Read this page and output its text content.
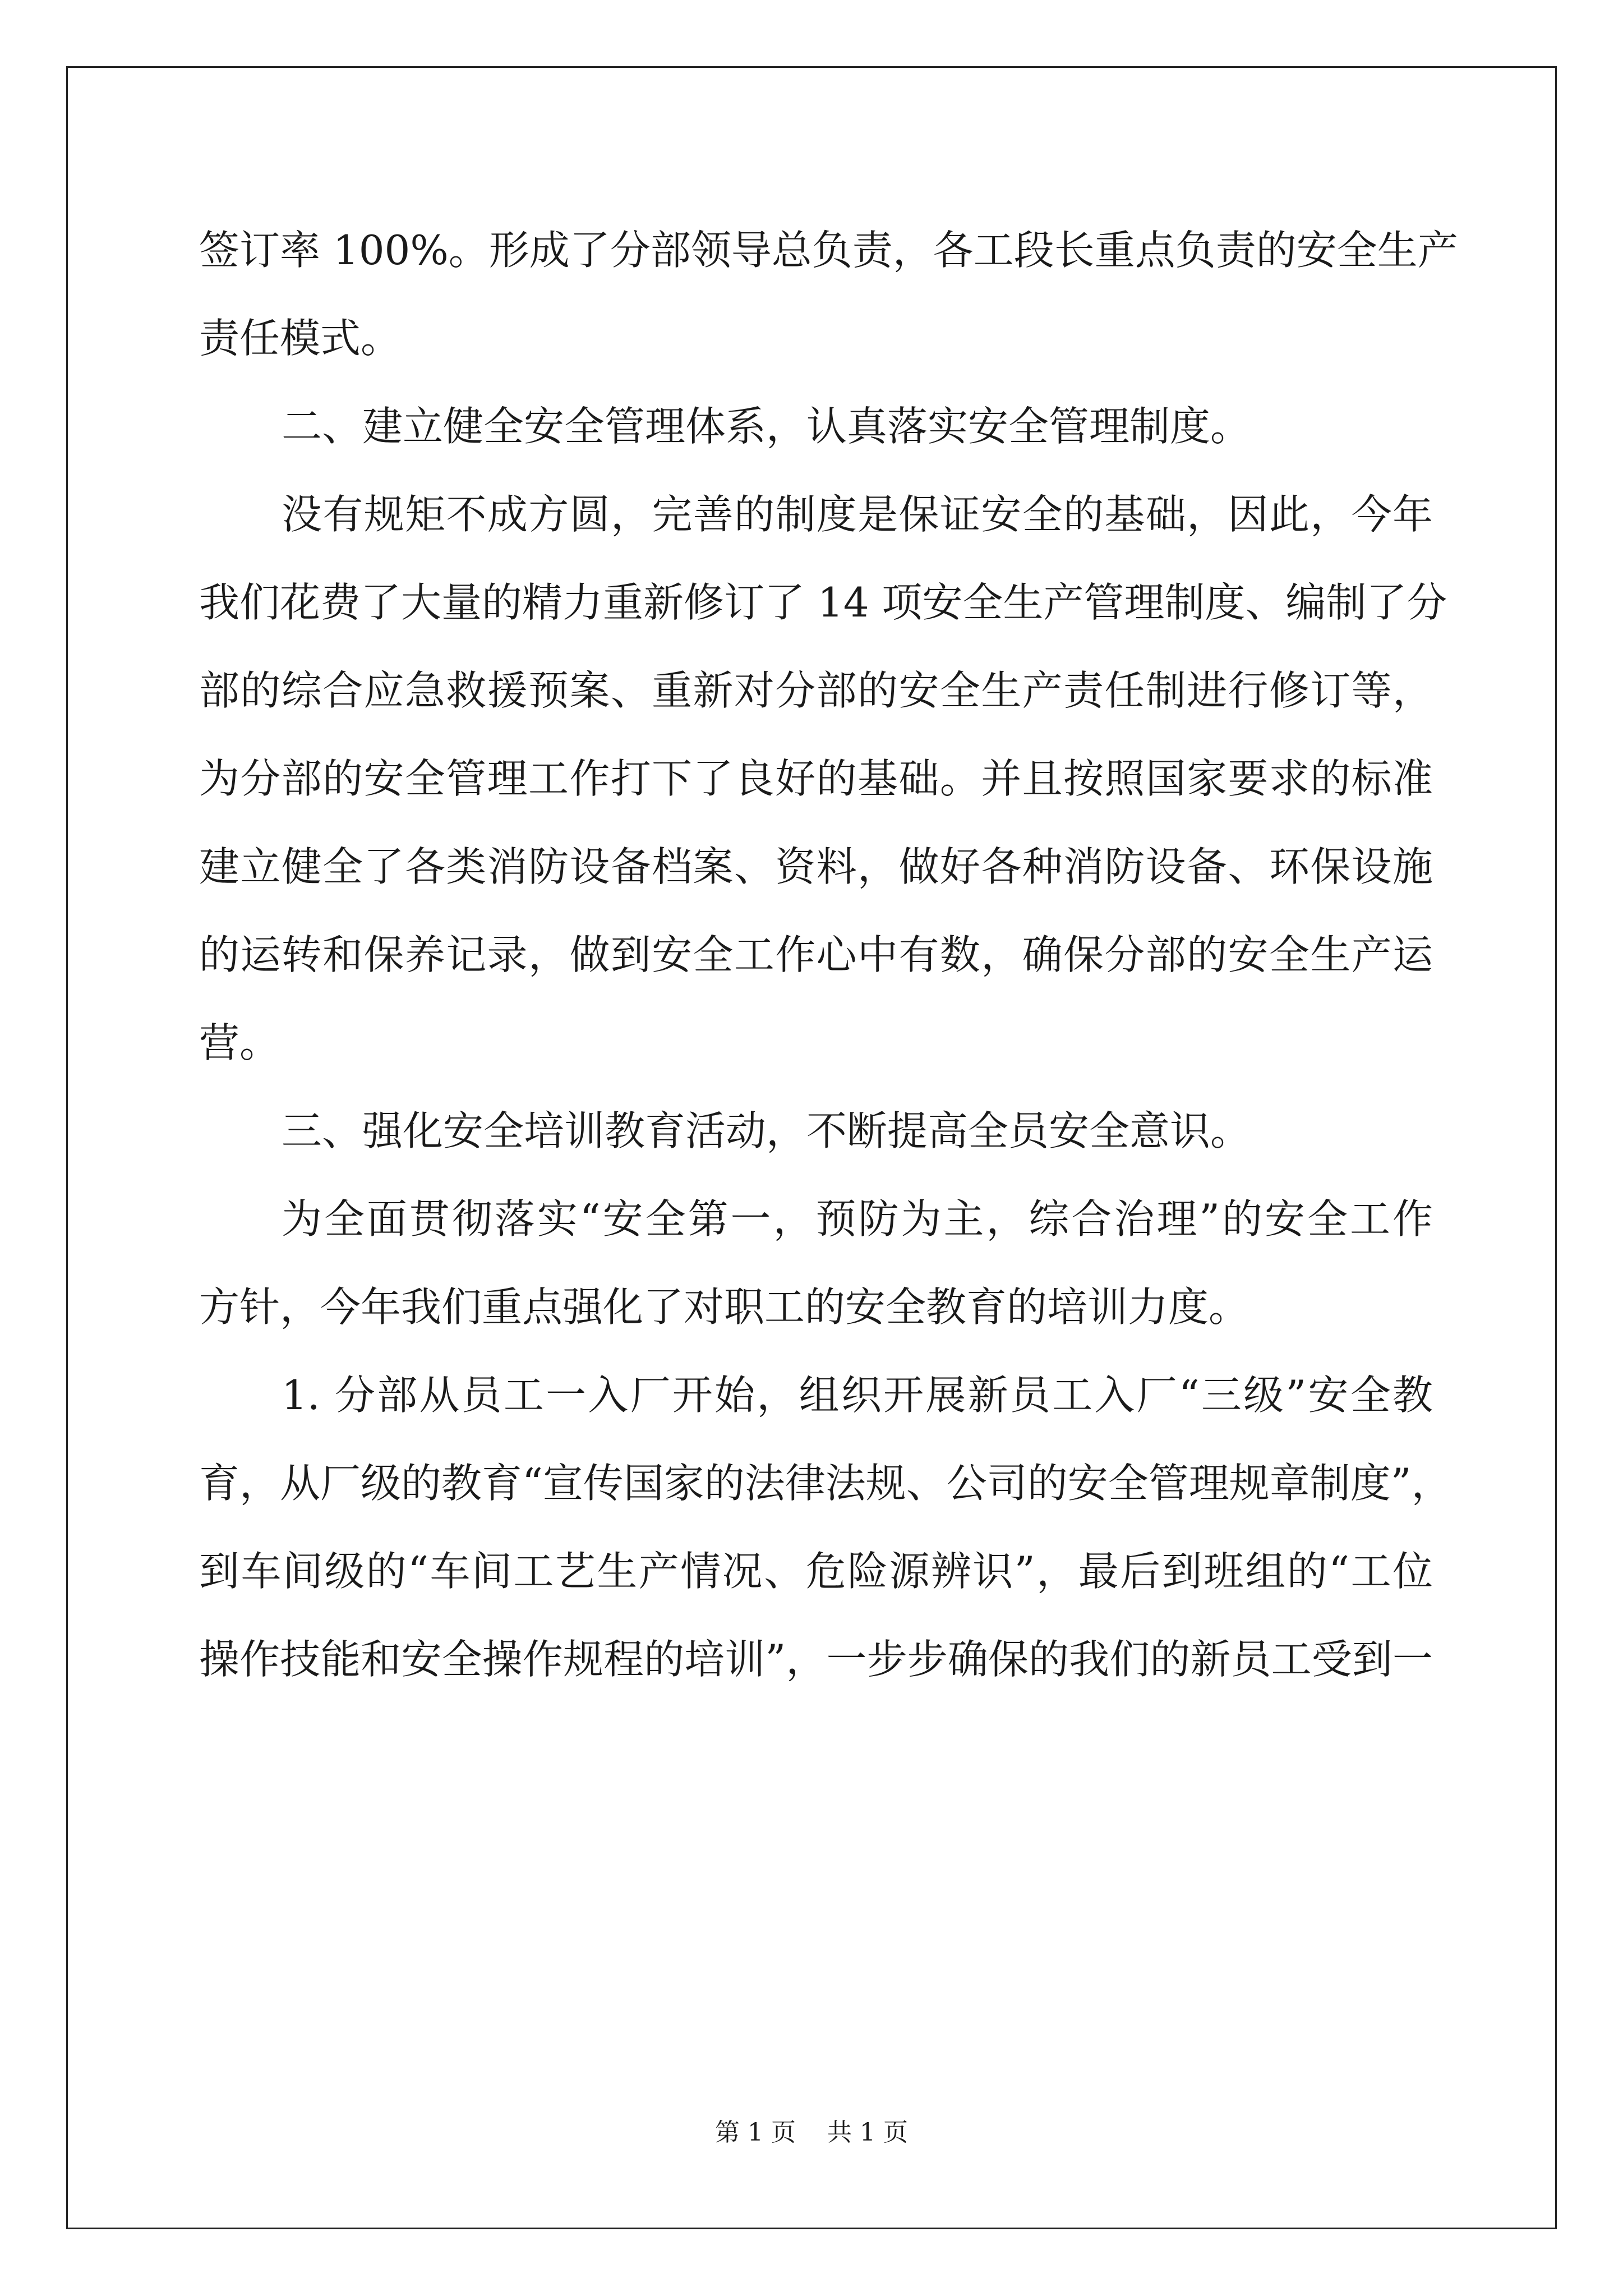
签订率 100%。形成了分部领导总负责，各工段长重点负责的安全生产
责任模式。
二、建立健全安全管理体系，认真落实安全管理制度。
没有规矩不成方圆，完善的制度是保证安全的基础，因此，今年
我们花费了大量的精力重新修订了 14 项安全生产管理制度、编制了分
部的综合应急救援预案、重新对分部的安全生产责任制进行修订等，
为分部的安全管理工作打下了良好的基础。并且按照国家要求的标准
建立健全了各类消防设备档案、资料，做好各种消防设备、环保设施
的运转和保养记录，做到安全工作心中有数，确保分部的安全生产运
营。
三、强化安全培训教育活动，不断提高全员安全意识。
为全面贯彻落实“安全第一，预防为主，综合治理”的安全工作
方针，今年我们重点强化了对职工的安全教育的培训力度。
1. 分部从员工一入厂开始，组织开展新员工入厂“三级”安全教
育，从厂级的教育“宣传国家的法律法规、公司的安全管理规章制度”，
到车间级的“车间工艺生产情况、危险源辨识”，最后到班组的“工位
操作技能和安全操作规程的培训”，一步步确保的我们的新员工受到一
第 1 页 共 1 页
